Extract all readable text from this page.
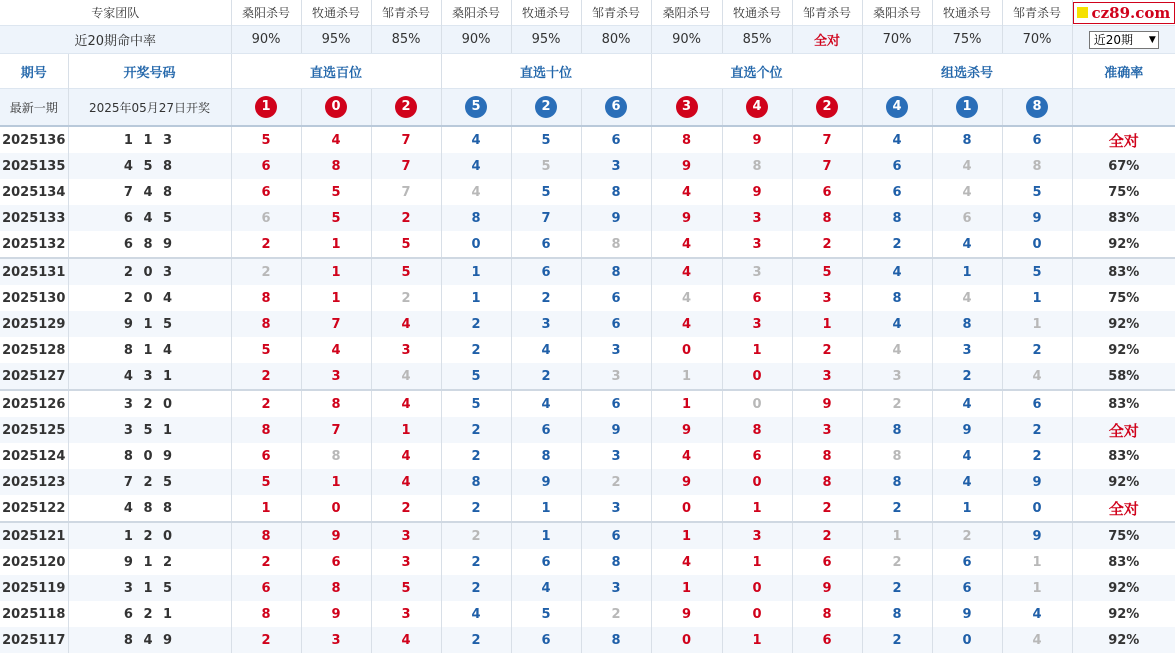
专家团队		桑阳杀号	牧通杀号	邹青杀号	桑阳杀号	牧通杀号	邹青杀号	桑阳杀号	牧通杀号	邹青杀号	桑阳杀号	牧通杀号	邹青杀号	cz89.com

近20期命中率		90%	95%	85%	90%	95%	80%	90%	85%	全对	70%	75%	70%	近20期 ▼

期号	开奖号码	直选百位			直选十位			直选个位			组选杀号			准确率
最新一期	2025年05月27日开奖	1	0	2	5	2	6	3	4	2	4	1	8	
2025136	1 1 3	5	4	7	4	5	6	8	9	7	4	8	6	全对
2025135	4 5 8	6	8	7	4	5	3	9	8	7	6	4	8	67%
2025134	7 4 8	6	5	7	4	5	8	4	9	6	6	4	5	75%
2025133	6 4 5	6	5	2	8	7	9	9	3	8	8	6	9	83%
2025132	6 8 9	2	1	5	0	6	8	4	3	2	2	4	0	92%
2025131	2 0 3	2	1	5	1	6	8	4	3	5	4	1	5	83%
2025130	2 0 4	8	1	2	1	2	6	4	6	3	8	4	1	75%
2025129	9 1 5	8	7	4	2	3	6	4	3	1	4	8	1	92%
2025128	8 1 4	5	4	3	2	4	3	0	1	2	4	3	2	92%
2025127	4 3 1	2	3	4	5	2	3	1	0	3	3	2	4	58%
2025126	3 2 0	2	8	4	5	4	6	1	0	9	2	4	6	83%
2025125	3 5 1	8	7	1	2	6	9	9	8	3	8	9	2	全对
2025124	8 0 9	6	8	4	2	8	3	4	6	8	8	4	2	83%
2025123	7 2 5	5	1	4	8	9	2	9	0	8	8	4	9	92%
2025122	4 8 8	1	0	2	2	1	3	0	1	2	2	1	0	全对
2025121	1 2 0	8	9	3	2	1	6	1	3	2	1	2	9	75%
2025120	9 1 2	2	6	3	2	6	8	4	1	6	2	6	1	83%
2025119	3 1 5	6	8	5	2	4	3	1	0	9	2	6	1	92%
2025118	6 2 1	8	9	3	4	5	2	9	0	8	8	9	4	92%
2025117	8 4 9	2	3	4	2	6	8	0	1	6	2	0	4	92%
